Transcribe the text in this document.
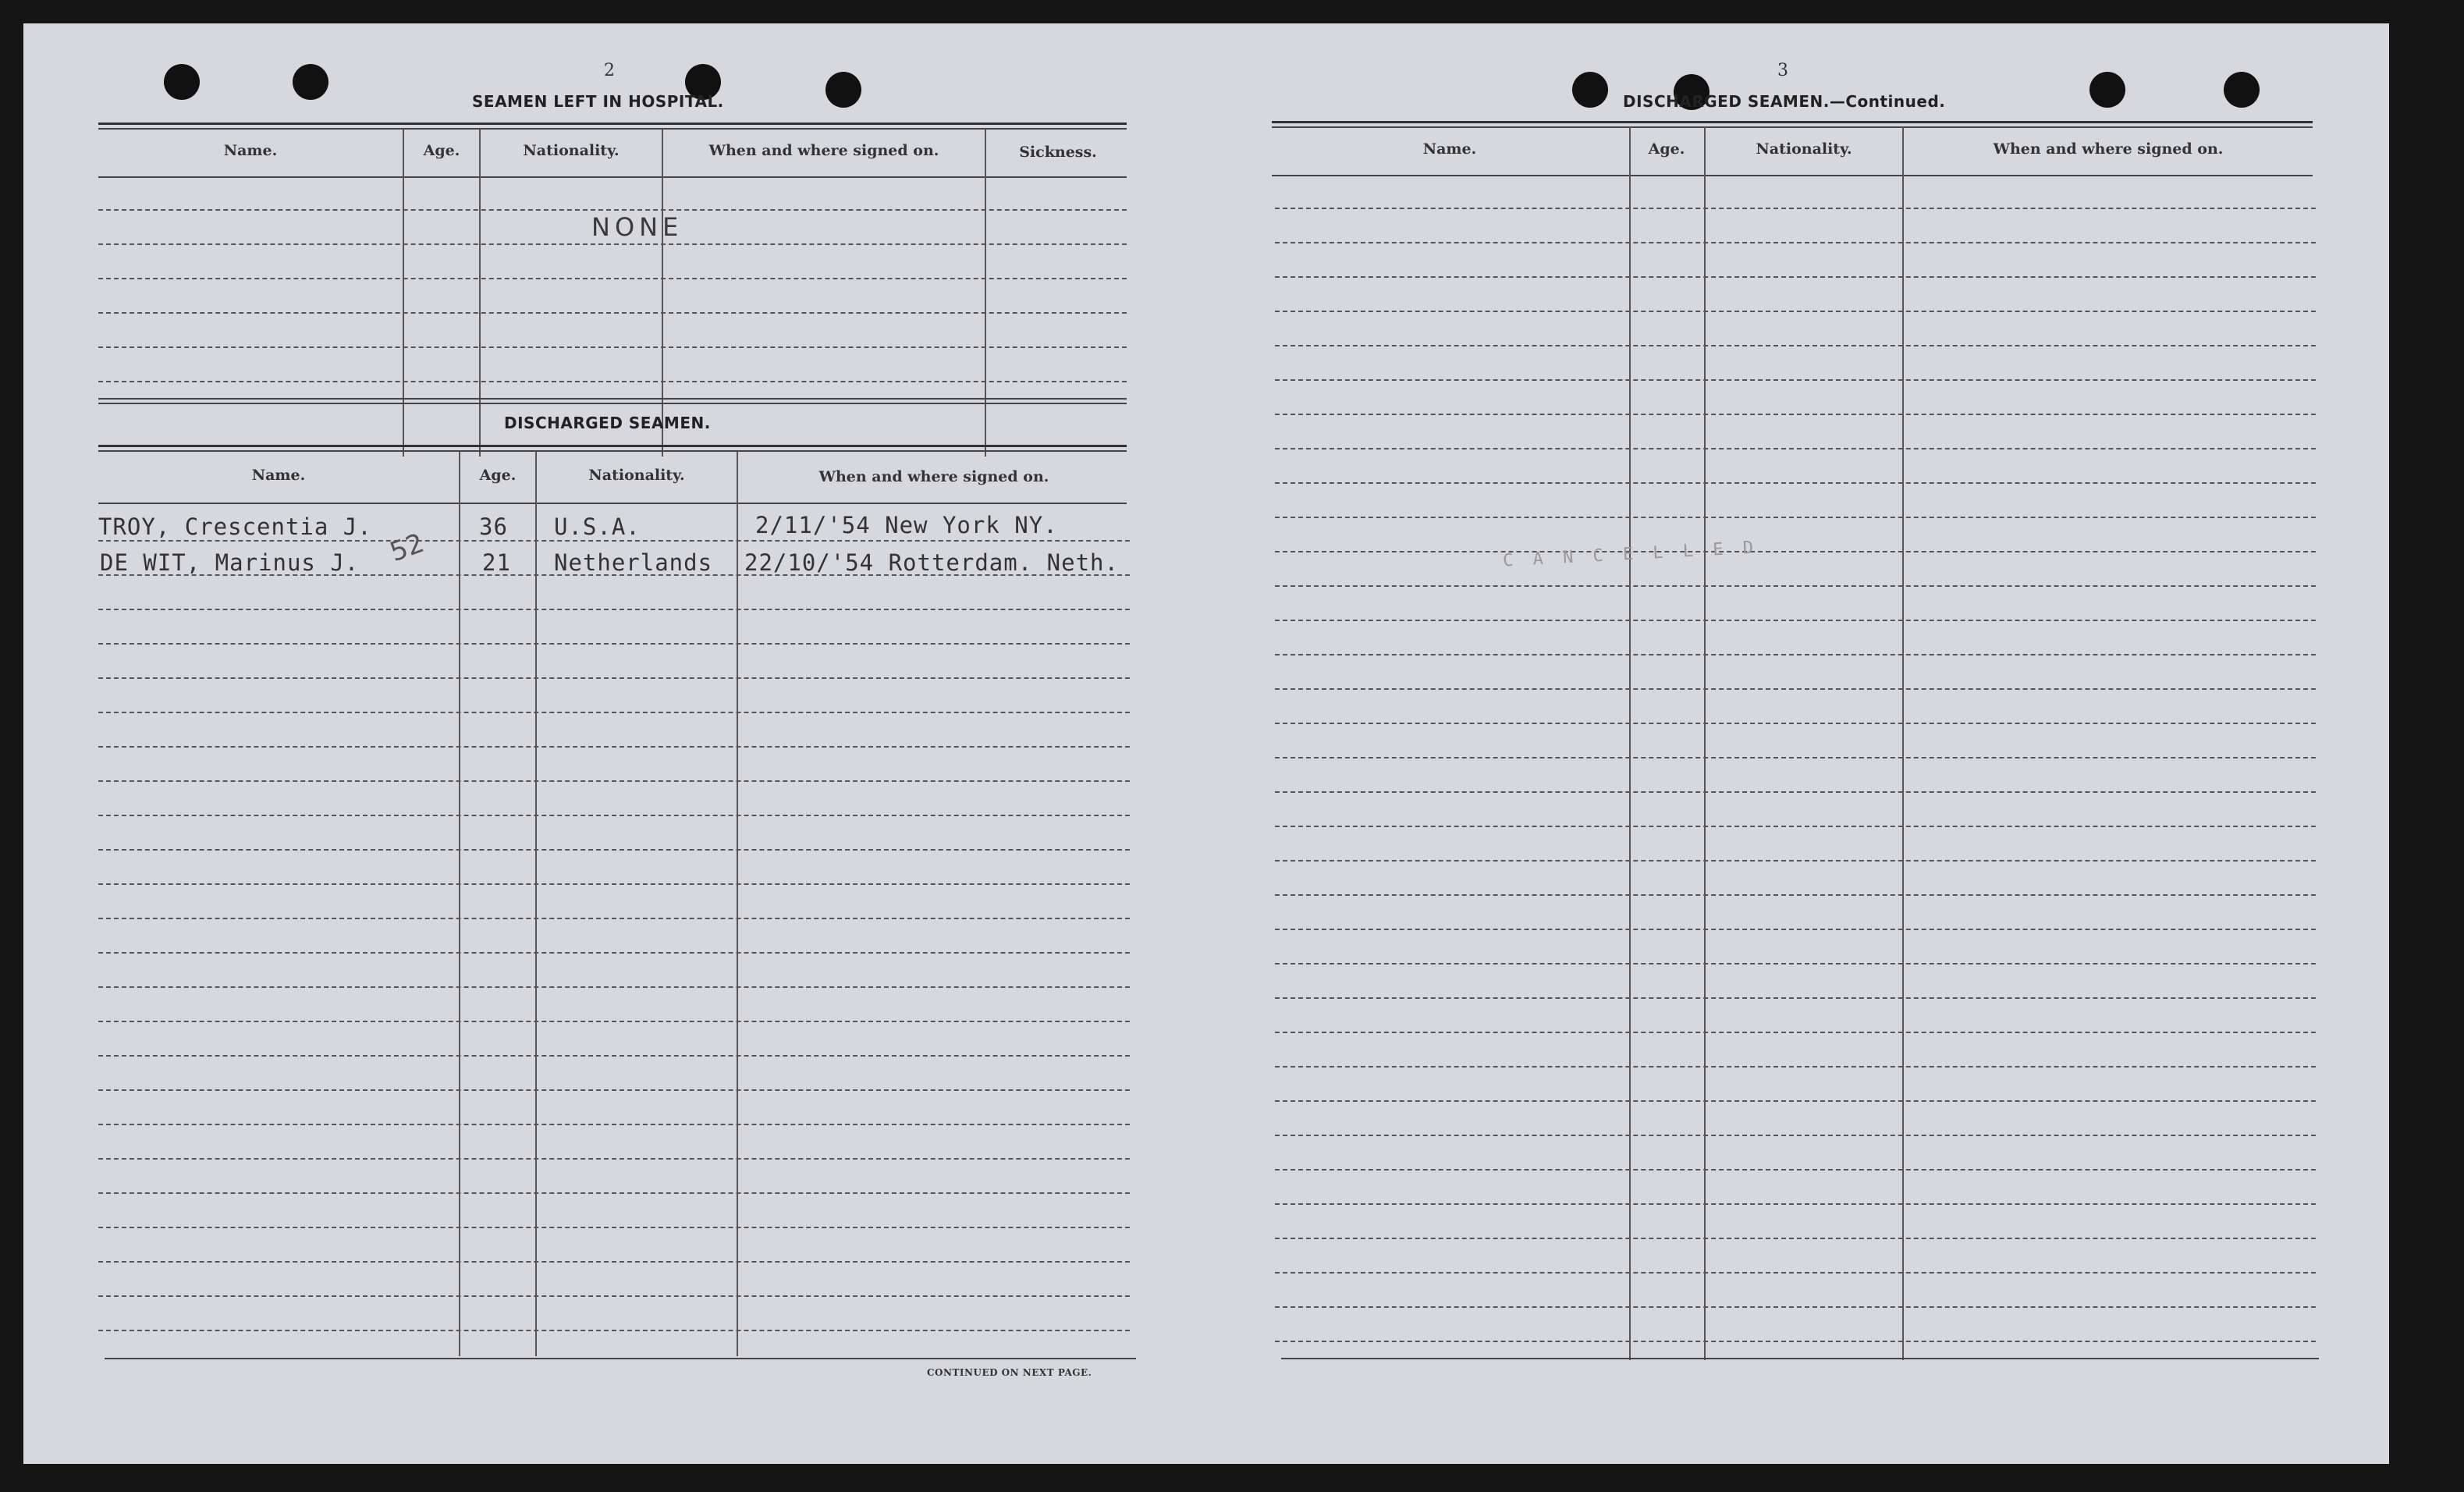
2
SEAMEN LEFT IN HOSPITAL.
Name.	Age.	Nationality.	When and where signed on.	Sickness.
NONE
DISCHARGED SEAMEN.
Name.	Age.	Nationality.	When and where signed on.
TROY, Crescentia J.	36 U.S.A.	2/11/'54 New York NY.
DE WIT, Marinus J.	21 Netherlands 22/10/'54 Rotterdam. Neth.
52
CONTINUED ON NEXT PAGE.
3
DISCHARGED SEAMEN.—Continued.
Name.	Age.	Nationality.	When and where signed on.
C A N C E L L E D
